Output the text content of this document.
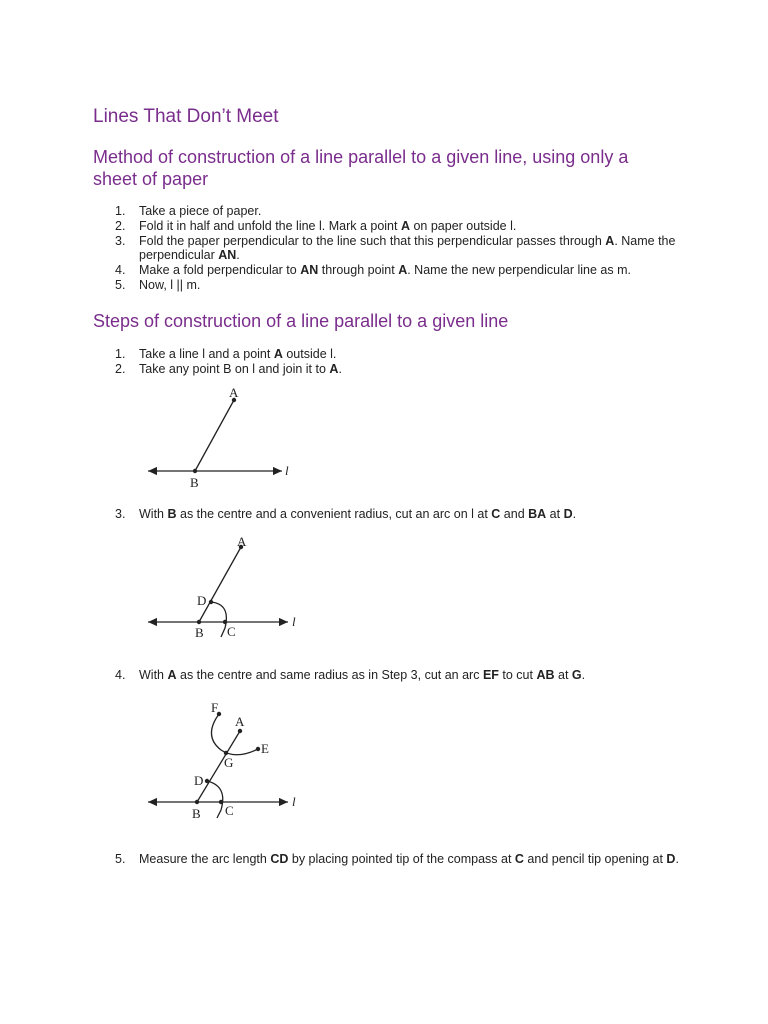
Lines That Don’t Meet
Method of construction of a line parallel to a given line, using only a sheet of paper
1. Take a piece of paper.
2. Fold it in half and unfold the line l. Mark a point A on paper outside l.
3. Fold the paper perpendicular to the line such that this perpendicular passes through A. Name the perpendicular AN.
4. Make a fold perpendicular to AN through point A. Name the new perpendicular line as m.
5. Now, l || m.
Steps of construction of a line parallel to a given line
1. Take a line l and a point A outside l.
2. Take any point B on l and join it to A.
A
B
l
3. With B as the centre and a convenient radius, cut an arc on l at C and BA at D.
A
D
B C
l
4. With A as the centre and same radius as in Step 3, cut an arc EF to cut AB at G.
F
A
E
G
D
B C
l
5. Measure the arc length CD by placing pointed tip of the compass at C and pencil tip opening at D.
